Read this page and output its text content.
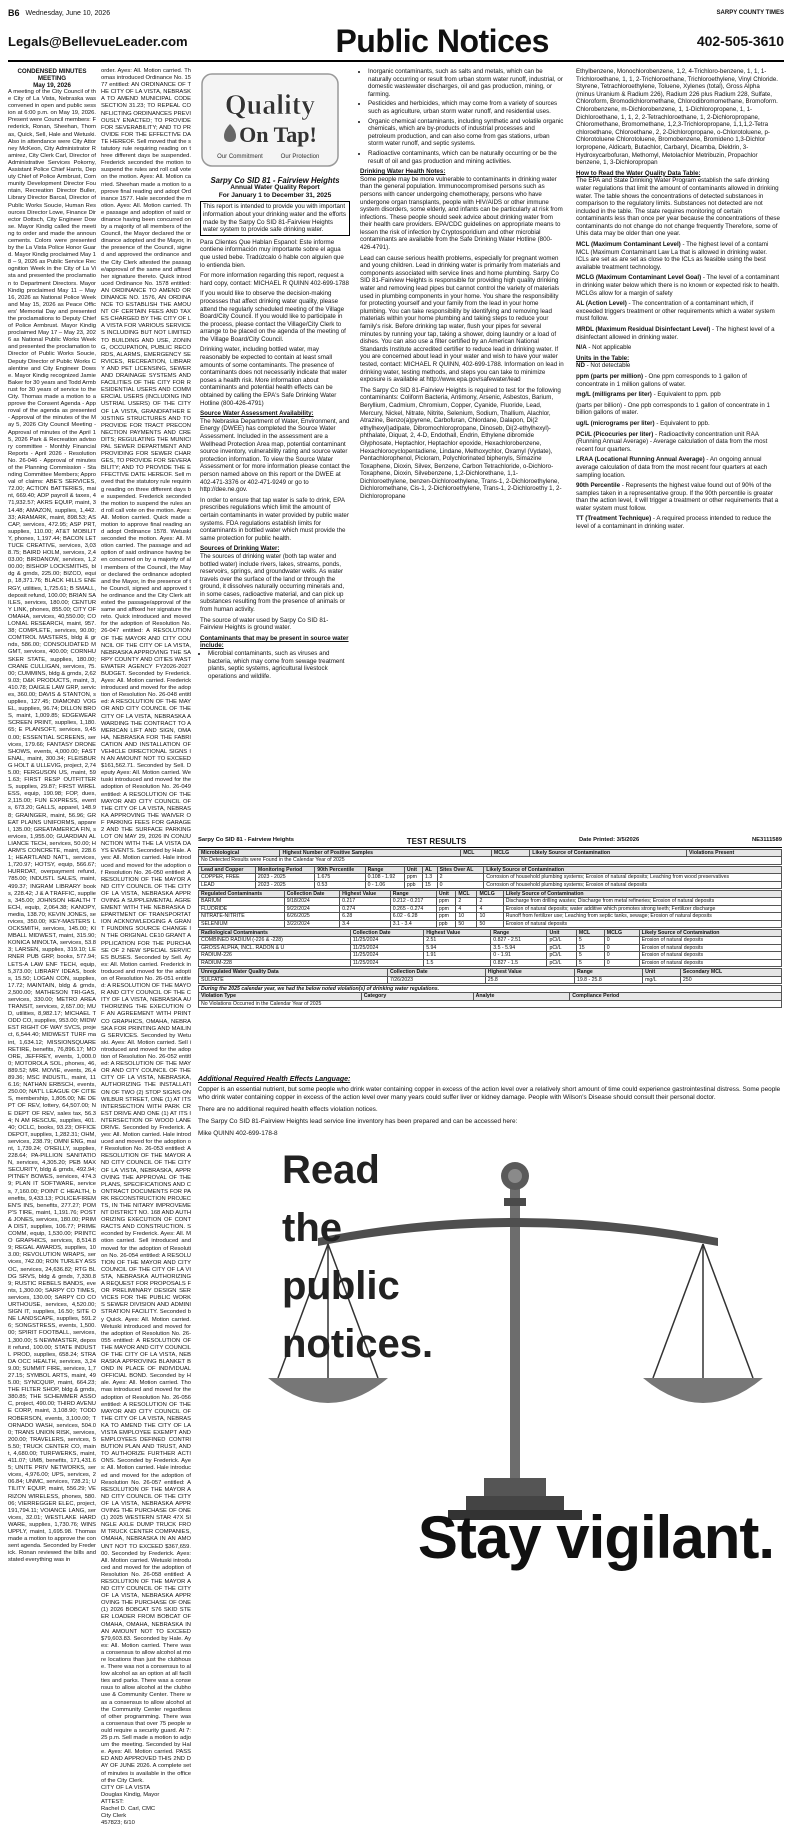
B6 Wednesday, June 10, 2026	SARPY COUNTY TIMES
Legals@BellevueLeader.com	Public Notices	402-505-3610
CONDENSED MINUTES MEETING
May 19, 2026
A meeting of the City Council of the City of La Vista, Nebraska was convened in open and public session at 6:00 p.m. on May 19, 2026. Present were Council members: Frederick, Ronan, Sheehan, Thomas, Quick, Sell, Hale and Wetuski. Also in attendance were City Attorney McKeon, City Administrator Ramirez, City Clerk Carl, Director of Administrative Services Pokorny, Assistant Police Chief Harris, Deputy Chief of Police Armbrust, Community Development Director Fountain, Recreation Director Buller, Library Director Barcal, Director of Public Works Soucie, Human Resources Director Lowe, Finance Director Dottsch, City Engineer Dowse. Mayor Kindig called the meeting to order and made the announcements. Colors were presented by the La Vista Police Honor Guard. Mayor Kindig proclaimed May 18 – 9, 2026 as Public Service Recognition Week in the City of La Vista and presented the proclamation to Department Directors. Mayor Kindig proclaimed May 11 – May 16, 2026 as National Police Week and May 15, 2026 as Peace Officers' Memorial Day and presented the proclamations to Deputy Chief of Police Armbrust. Mayor Kindig proclaimed May 17 – May 23, 2026 as National Public Works Week and presented the proclamation to Director of Public Works Soucie, Deputy Director of Public Works Calentine and City Engineer Dowse. Mayor Kindig recognized Jamie Baker for 30 years and Todd Armbrust for 30 years of service to the City. Thomas made a motion to approve the Consent Agenda - Approval of the agenda as presented - Approval of the minutes of the May 5, 2026 City Council Meeting - Approval of minutes of the April 15, 2026 Park & Recreation advisory committee - Monthly Financial Reports - April 2026 - Resolution No. 26-046 - Approval of minutes of the Planning Commission - Standing Committee Members; Approval of claims: ABE'S SERVICES, 72.00; ACTION BATTERIES, maint, 669.40; ADP payroll & taxes, 471,932.57; AKRS EQUIP, maint, 314.48; AMAZON, supplies, 1,442.33; ARAMARK, maint, 898.53; ASCAP, services, 472.95; ASP PRT, supplies, 110.00; AT&T MOBILITY, phones, 1,197.44; BACON LETTUCE CREATIVE, services, 3,038.75; BAIRD HOLM, services, 2,403.00; BIRDANOW, services, 1,200.00; BISHOP LOCKSMITHS, bldg & grnds, 225.00; BIZCO, equip, 18,371.76; BLACK HILLS ENERGY, utilities, 1,725.61; B SMALL, deposit refund, 100.00; BRIAN SAILES, services, 180.00; CENTURY LINK, phones, 855.00; CITY OF OMAHA, services, 40,550.00; COLONIAL RESEARCH, maint, 957.38; COMPLETE, services, 90.00; COMTROL MASTERS, bldg & grnds, 586.00; CONSOLIDATED MGMT, services, 400.00; CORNHUSKER STATE, supplies, 180.00; CRANE CULLIGAN, services, 75.00; CUMMINS, bldg & grnds, 2,629.03; D&K PRODUCTS, maint, 3,410.78; DAIGLE LAW GRP, services, 360.00; DAVIS & STANTON, supplies, 127.45; DIAMOND VOGEL, supplies, 96.74; DILLON BROS, maint, 1,009.85; EDGEWEAR SCREEN PRINT, supplies, 1,180.65; E PLANSOFT, services, 9,450.00; ESSENTIAL SCREENS, services, 179.66; FANTASY DRONE SHOWS, events, 4,000.00; FASTENAL, maint, 300.34; FLEISBURG HOLT & ULLEVIG, project, 2,745.00; FERGUSON US, maint, 591.63; FIRST RESP OUTFITTERS, supplies, 29.87; FIRST WIRELESS, equip, 190.98; FOP, dues, 2,115.00; FUN EXPRESS, events, 673.20; GALLS, apparel, 148.98; GRAINGER, maint, 56.96; GREAT PLAINS UNIFORMS, apparel, 135.00; GREATAMERICA FIN, services, 1,955.00; GUARDIAN ALLIANCE TECH, services, 50.00; HARM'S CONCRETE, maint, 228.61; HEARTLAND NAT'L, services, 1,720.97; HOTSY, equip, 566.67; HURRDAT, overpayment refund, 785.00; INDUSTL SALES, maint, 499.37; INGRAM LIBRARY books, 228.42; J & A TRAFFIC, supplies, 345.00; JOHNSON HEALTH TECH, equip, 2,064.38; KANOPY, media, 138.70; KEVIN JONES, services, 350.00; KEY-MASTERS LOCKSMITH, services, 145.00; KIMBALL MIDWEST, maint, 315.90; KONICA MINOLTA, services, 53.83; LARSEN, supplies, 319.10; LERNER PUB GRP, books, 577.94; LETS-A LAW ENF TECH, equip, 5,373.00; LIBRARY IDEAS, books, 15.50; LOGAN CON, supplies, 17.72; MAINTAIN, bldg & grnds, 2,500.00; MATHESON TRI-GAS, services, 330.00; METRO AREA TRANSIT, services, 2,657.00; MUD, utilities, 8,982.17; MICHAEL TODD CO, supplies, 953.00; MIDWEST RIGHT OF WAY SVCS, project, 6,544.40; MIDWEST TURF maint, 1,634.12; MISSIONSQUARE RETIRE, benefits, 76,896.17; MOORE, JEFFREY, events, 1,000.00; MOTOROLA SOL, phones, 46,889.52; MR. MOVIE, events, 26,489.36; MSC INDUSTL, maint, 116.16; NATHAN ERBSCH, events, 250.00; NAT'L LEAGUE OF CITIES, membership, 1,805.00; NE DEPT OF REV, lottery, 64,507.00; NE DEPT OF REV, sales tax, 56.34; N AM RESCUE, supplies, 401.40; OCLC, books, 93.23; OFFICE DEPOT, supplies, 1,282.31; OHM, services, 238.79; OMNI ENG, maint, 1,739.24; O'REILLY, supplies, 228.64; PA-PILLION SANITATION, services, 4,305.20; PEB MAX SECURITY, bldg & grnds, 492.94; PITNEY BOWES, services, 474.39; PLAN IT SOFTWARE, services, 7,160.00; POINT C HEALTH, benefits, 9,433.13; POLICE/FIREMEN'S INS, benefits, 277.27; POMP'S TIRE, maint, 1,191.76; POST & JONES, services, 180.00; PRIMA DIST, supplies, 106.77; PRIME COMM, equip, 1,530.00; PRINTCO GRAPHICS, services, 8,514.89; REGAL AWARDS, supplies, 103.00; REVOLUTION WRAPS, services, 742.00; RON TURLEY ASSOC, services, 24,636.82; RTG BLDG SRVS, bldg & grnds, 7,330.89; RUSTIC REBELS BANDS, events, 1,300.00; SARPY CO TIMES, services, 130.00; SARPY CO COURTHOUSE, services, 4,520.00; SIGN IT, supplies, 16.50; SITE ONE LANDSCAPE, supplies, 591.26; SONGSTRESS, events, 1,500.00; SPIRIT FOOTBALL, services, 1,300.00; S NEWMASTER, deposit refund, 100.00; STATE INDUSTL PROD, supplies, 658.24; STRADA OCC HEALTH, services, 3,249.00; SUMMIT FIRE, services, 1,727.15; SYMBOL ARTS, maint, 495.00; SYNCQUIP, maint, 664.23; THE FILTER SHOP, bldg & grnds, 380.85; THE SCHEMMER ASSOC, project, 490.00; THIRD AVENUE CORP, maint, 3,108.90; TODD ROBERSON, events, 3,100.00; TORNADO WASH, services, 504.00; TRANS UNION RISK, services, 200.00; TRAVELERS, services, 55.50; TRUCK CENTER CO, maint, 4,680.00; TURFWERKS, maint, 411.07; UMB, benefits, 171,431.65; UNITE PRIV NETWORKS, services, 4,976.00; UPS, services, 206.84; UNMC, services, 728.21; UTILITY EQUIP, maint, 556.29; VERIZON WIRELESS, phones, 580.06; VIERREGGER ELEC, project, 191,794.11; VOIANCE LANG, services, 32.01; WESTLAKE HARDWARE, supplies, 1,730.76; WINSUPPLY, maint, 1,695.98. Thomas made a motion to approve the consent agenda. Seconded by Frederick. Ronan reviewed the bills and stated everything was in
order. Ayes: All. Motion carried. Thomas introduced Ordinance No. 1577 entitled: AN ORDINANCE OF THE CITY OF LA VISTA, NEBRASKA TO AMEND MUNICIPAL CODE SECTION 31.23; TO REPEAL CONFLICTING ORDINANCES PREVIOUSLY ENACTED; TO PROVIDE FOR SEVERABILITY; AND TO PROVIDE FOR THE EFFECTIVE DATE HEREOF. Sell moved that the statutory rule requiring reading on three different days be suspended. Frederick seconded the motion to suspend the rules and roll call vote on the motion. Ayes: All. Motion carried. Sheehan made a motion to approve final reading and adopt Ordinance 1577. Hale seconded the motion. Ayes: All. Motion carried. The passage and adoption of said ordinance having been concurred on by a majority of all members of the Council, the Mayor declared the ordinance adopted and the Mayor, in the presence of the Council, signed and approved the ordinance and the City Clerk attested the passage/approval of the same and affixed her signature thereto. Quick introduced Ordinance No. 1578 entitled: AN ORDINANCE TO AMEND ORDINANCE NO. 1576, AN ORDINANCE TO ESTABLISH THE AMOUNT OF CERTAIN FEES AND TAXES CHARGED BY THE CITY OF LA VISTA FOR VARIOUS SERVICES INCLUDING BUT NOT LIMITED TO BUILDING AND USE, ZONING, OCCUPATION, PUBLIC RECORDS, ALARMS, EMERGENCY SERVICES, RECREATION, LIBRARY AND PET LICENSING, SEWER AND DRAINAGE SYSTEMS AND FACILITIES OF THE CITY FOR RESIDENTIAL USERS AND COMMERCIAL USERS (INCLUDING INDUSTRIAL USERS) OF THE CITY OF LA VISTA, GRANDFATHER EXISTING STRUCTURES AND TO PROVIDE FOR TRACT PRECONNECTION PAYMENTS AND CREDITS; REGULATING THE MUNICIPAL SEWER DEPARTMENT AND PROVIDING FOR SEWER CHARGES, TO PROVIDE FOR SEVERABILITY; AND TO PROVIDE THE EFFECTIVE DATE HEREOF. Sell moved that the statutory rule requiring reading on three different days be suspended. Frederick seconded the motion to suspend the rules and roll call vote on the motion. Ayes: All. Motion carried. Quick made a motion to approve final reading and adopt Ordinance 1578. Wetuski seconded the motion. Ayes: All. Motion carried. The passage and adoption of said ordinance having been concurred on by a majority of all members of the Council, the Mayor declared the ordinance adopted and the Mayor, in the presence of the Council, signed and approved the ordinance and the City Clerk attested the passage/approval of the same and affixed her signature thereto. Quick introduced and moved for the adoption of Resolution No. 26-047 entitled: A RESOLUTION OF THE MAYOR AND CITY COUNCIL OF THE CITY OF LA VISTA, NEBRASKA APPROVING THE SARPY COUNTY AND CITIES WASTEWATER AGENCY FY2026-2027 BUDGET. Seconded by Frederick. Ayes: All. Motion carried. Frederick introduced and moved for the adoption of Resolution No. 26-048 entitled: A RESOLUTION OF THE MAYOR AND CITY COUNCIL OF THE CITY OF LA VISTA, NEBRASKA AWARDING THE CONTRACT TO AMERICAN LIFT AND SIGN, OMAHA, NEBRASKA FOR THE FABRICATION AND INSTALLATION OF VEHICLE DIRECTIONAL SIGNS IN AN AMOUNT NOT TO EXCEED $161,562.71. Seconded by Sell. Deputy Ayes: All. Motion carried. Wetuski introduced and moved for the adoption of Resolution No. 26-049 entitled: A RESOLUTION OF THE MAYOR AND CITY COUNCIL OF THE CITY OF LA VISTA, NEBRASKA APPROVING THE WAIVER OF PARKING FEES FOR GARAGE 2 AND THE SURFACE PARKING LOT ON MAY 29, 2026 IN CONJUNCTION WITH THE LA VISTA DAYS EVENTS. Seconded by Hale. Ayes: All. Motion carried. Hale introduced and moved for the adoption of Resolution No. 26-050 entitled: A RESOLUTION OF THE MAYOR AND CITY COUNCIL OF THE CITY OF LA VISTA, NEBRASKA APPROVING A SUPPLEMENTAL AGREEMENT WITH THE NEBRASKA DEPARTMENT OF TRANSPORTATION ACKNOWLEDGING A GRANT FUNDING SOURCE CHANGE IN THE ORIGINAL CE10 GRANT APPLICATION FOR THE PURCHASE OF 2 NEW SPECIAL SERVICES BUSES. Seconded by Sell. Ayes: All. Motion carried. Frederick introduced and moved for the adoption of Resolution No. 26-051 entitled: A RESOLUTION OF THE MAYOR AND CITY COUNCIL OF THE CITY OF LA VISTA, NEBRASKA AUTHORIZING THE EXECUTION OF AN AGREEMENT WITH PRINTCO GRAPHICS, OMAHA, NEBRASKA FOR PRINTING AND MAILING SERVICES. Seconded by Wetuski. Ayes: All. Motion carried. Sell introduced and moved for the adoption of Resolution No. 26-052 entitled: A RESOLUTION OF THE MAYOR AND CITY COUNCIL OF THE CITY OF LA VISTA, NEBRASKA, AUTHORIZING THE INSTALLATION OF TWO (2) STOP SIGNS ON WILBUR STREET, ONE (1) AT ITS INTERSECTION WITH PARK CREST DRIVE AND ONE (1) AT ITS INTERSECTION OF WOOD LANE DRIVE. Seconded by Frederick. Ayes: All. Motion carried. Hale introduced and moved for the adoption of Resolution No. 26-053 entitled: A RESOLUTION OF THE MAYOR AND CITY COUNCIL OF THE CITY OF LA VISTA, NEBRASKA, APPROVING THE APPROVAL OF THE PLANS, SPECIFICATIONS AND CONTRACT DOCUMENTS FOR PARK RECONSTRUCTION PROJECTS, IN THE NITARY IMPROVEMENT DISTRICT NO. 168 AND AUTHORIZING EXECUTION OF CONTRACTS AND CONSTRUCTION. Seconded by Frederick. Ayes: All. Motion carried. Sell introduced and moved for the adoption of Resolution No. 26-054 entitled: A RESOLUTION OF THE MAYOR AND CITY COUNCIL OF THE CITY OF LA VISTA, NEBRASKA AUTHORIZING A REQUEST FOR PROPOSALS FOR PRELIMINARY DESIGN SERVICES FOR THE PUBLIC WORKS SEWER DIVISION AND ADMINISTRATION FACILITY. Seconded by Quick. Ayes: All. Motion carried. Wetuski introduced and moved for the adoption of Resolution No. 26-055 entitled: A RESOLUTION OF THE MAYOR AND CITY COUNCIL OF THE CITY OF LA VISTA, NEBRASKA APPROVING BLANKET BOND IN PLACE OF INDIVIDUAL OFFICIAL BOND. Seconded by Hale. Ayes: All. Motion carried. Thomas introduced and moved for the adoption of Resolution No. 26-056 entitled: A RESOLUTION OF THE MAYOR AND CITY COUNCIL OF THE CITY OF LA VISTA, NEBRASKA TO AMEND THE CITY OF LA VISTA EMPLOYEE EXEMPT AND EMPLOYEES DEFINED CONTRIBUTION PLAN AND TRUST, AND TO AUTHORIZE FURTHER ACTIONS. Seconded by Frederick. Ayes: All. Motion carried. Hale introduced and moved for the adoption of Resolution No. 26-057 entitled: A RESOLUTION OF THE MAYOR AND CITY COUNCIL OF THE CITY OF LA VISTA, NEBRASKA APPROVING THE PURCHASE OF ONE (1) 2025 WESTERN STAR 47X SINGLE AXLE DUMP TRUCK FROM TRUCK CENTER COMPANIES, OMAHA, NEBRASKA IN AN AMOUNT NOT TO EXCEED $367,659.00. Seconded by Frederick. Ayes: All. Motion carried. Wetuski introduced and moved for the adoption of Resolution No. 26-058 entitled: A RESOLUTION OF THE MAYOR AND CITY COUNCIL OF THE CITY OF LA VISTA, NEBRASKA APPROVING THE PURCHASE OF ONE (1) 2026 BOBCAT S76 SKID STEER LOADER FROM BOBCAT OF OMAHA, OMAHA, NEBRASKA IN AN AMOUNT NOT TO EXCEED $79,603.83. Seconded by Hale. Ayes: All. Motion carried. There was a consensus to allow alcohol at more locations than just the clubhouse. There was not a consensus to allow alcohol as an option at all facilities and parks. There was a consensus to allow alcohol at the clubhouse & Community Center. There was a consensus to allow alcohol at the Community Center regardless of other programming. There was a consensus that over 75 people would require a security guard. At 7:25 p.m. Sell made a motion to adjourn the meeting. Seconded by Hale. Ayes: All. Motion carried. PASSED AND APPROVED THIS 2ND DAY OF JUNE 2026. A complete set of minutes is available in the office of the City Clerk.
CITY OF LA VISTA
Douglas Kindig, Mayor
ATTEST:
Rachel D. Carl, CMC
City Clerk
457823; 6/10
Quality
On Tap!
Our Commitment	Our Protection
Sarpy Co SID 81 - Fairview Heights
Annual Water Quality Report
For January 1 to December 31, 2025

This report is intended to provide you with important information about your drinking water and the efforts made by the Sarpy Co SID 81-Fairview Heights water system to provide safe drinking water.

Para Clientes Que Hablan Espanol: Este informe contiene información muy importante sobre el agua que usted bebe. Tradúzcalo ó hable con alguien que lo entienda bien.

For more information regarding this report, request a hard copy, contact: MICHAEL R QUINN 402-699-1788

If you would like to observe the decision-making processes that affect drinking water quality, please attend the regularly scheduled meeting of the Village Board/City Council. If you would like to participate in the process, please contact the Village/City Clerk to arrange to be placed on the agenda of the meeting of the Village Board/City Council.

Drinking water, including bottled water, may reasonably be expected to contain at least small amounts of some contaminants. The presence of contaminants does not necessarily indicate that water poses a health risk. More information about contaminants and potential health effects can be obtained by calling the EPA's Safe Drinking Water Hotline (800-426-4791)

Source Water Assessment Availability:

The Nebraska Department of Water, Environment, and Energy (DWEE) has completed the Source Water Assessment. Included in the assessment are a Wellhead Protection Area map, potential contaminant source inventory, vulnerability rating and source water protection information. To view the Source Water Assessment or for more information please contact the person named above on this report or the DWEE at 402-471-3376 or 402-471-9249 or go to http://dee.ne.gov.

In order to ensure that tap water is safe to drink, EPA prescribes regulations which limit the amount of certain contaminants in water provided by public water systems. FDA regulations establish limits for contaminants in bottled water which must provide the same protection for public health.

Sources of Drinking Water:

The sources of drinking water (both tap water and bottled water) include rivers, lakes, streams, ponds, reservoirs, springs, and groundwater wells. As water travels over the surface of the land or through the ground, it dissolves naturally occurring minerals and, in some cases, radioactive material, and can pick up substances resulting from the presence of animals or from human activity.

The source of water used by Sarpy Co SID 81-Fairview Heights is ground water.

Contaminants that may be present in source water include:
• Microbial contaminants, such as viruses and bacteria, which may come from sewage treatment plants, septic systems, agricultural livestock operations and wildlife.
• Inorganic contaminants, such as salts and metals, which can be naturally occurring or result from urban storm water runoff, industrial, or domestic wastewater discharges, oil and gas production, mining, or farming.
• Pesticides and herbicides, which may come from a variety of sources such as agriculture, urban storm water runoff, and residential uses.
• Organic chemical contaminants, including synthetic and volatile organic chemicals, which are by-products of industrial processes and petroleum production, and can also come from gas stations, urban storm water runoff, and septic systems.
• Radioactive contaminants, which can be naturally occurring or be the result of oil and gas production and mining activities.
Drinking Water Health Notes:

Some people may be more vulnerable to contaminants in drinking water than the general population. Immunocompromised persons such as persons with cancer undergoing chemotherapy, persons who have undergone organ transplants, people with HIV/AIDS or other immune system disorders, some elderly, and infants can be particularly at risk from infections. These people should seek advice about drinking water from their health care providers. EPA/CDC guidelines on appropriate means to lessen the risk of infection by Cryptosporidium and other microbial contaminants are available from the Safe Drinking Water Hotline (800-426-4791).

Lead can cause serious health problems, especially for pregnant women and young children. Lead in drinking water is primarily from materials and components associated with service lines and home plumbing. Sarpy Co SID 81-Fairview Heights is responsible for providing high quality drinking water and removing lead pipes but cannot control the variety of materials used in plumbing components in your home. You share the responsibility for protecting yourself and your family from the lead in your home plumbing. You can take responsibility by identifying and removing lead materials within your home plumbing and taking steps to reduce your family's risk. Before drinking tap water, flush your pipes for several minutes by running your tap, taking a shower, doing laundry or a load of dishes. You can also use a filter certified by an American National Standards Institute accredited certifier to reduce lead in drinking water. If you are concerned about lead in your water and wish to have your water tested, contact: MICHAEL R QUINN, 402-699-1788. Information on lead in drinking water, testing methods, and steps you can take to minimize exposure is available at http://www.epa.gov/safewater/lead

The Sarpy Co SID 81-Fairview Heights is required to test for the following contaminants: Coliform Bacteria, Antimony, Arsenic, Asbestos, Barium, Beryllium, Cadmium, Chromium, Copper, Cyanide, Fluoride, Lead, Mercury, Nickel, Nitrate, Nitrite, Selenium, Sodium, Thallium, Alachlor, Atrazine, Benzo(a)pyrene, Carbofuran, Chlordane, Dalapon, Di(2 ethylhexyl)adipate, Dibromochloropropane, Dinoseb, Di(2-ethylhexyl)-phthalate, Diquat, 2, 4-D, Endothall, Endrin, Ethylene dibromide Glyphosate, Heptachlor, Heptachlor epoxide, Hexachlorobenzene, Hexachlorocyclopentadiene, Lindane, Methoxychlor, Oxamyl (Vydate), Pentachlorophenol, Picloram, Polychlorinated biphenyls, Simazine Toxaphene, Dioxin, Silvex, Benzene, Carbon Tetrachloride, o-Dichloro-Toxaphene, Dioxin, Silvebenzene, 1,2-Dichlorethane, 1,1-Dichloroethylene, benzen-Dichloroethylene, Trans-1, 2-Dichloroethylene, Dichloromethane, Cis-1, 2-Dichloroethylene, Trans-1, 2-Dichloroethy 1, 2-Dichloropropane

Ethylbenzene, Monochlorobenzene, 1,2, 4-Trichloro-benzene, 1, 1, 1-Trichloroethane, 1, 1, 2-Trichloroethane, Trichloroethylene, Vinyl Chloride. Styrene, Tetrachloroethylene, Toluene, Xylenes (total), Gross Alpha (minus Uranium & Radium 226), Radium 226 plus Radium 228, Sulfate, Chloroform, Bromodichloromethane, Chlorodibromomethane, Bromoform. Chlorobenzene, m-Dichlorobenzene, 1, 1-Dichloropropene, 1, 1-Dichloroethane, 1, 1, 2, 2-Tetrachloroethane, 1, 2-Dichloropropane, Chloromethane, Bromomethane, 1,2,3-Trichloropropane, 1,1,1,2-Tetra chloroethane, Chloroethane, 2, 2-Dichloropropane, o-Chlorotoluene, p-Chlorotoluene Chlorotoluene, Bromobenzene, Bromideno 1,3-Dichlor lorpropene, Aldicarb, Butachlor, Carbaryl, Dicamba, Dieldrin, 3-Hydroxycarbofuran, Methomyl, Metolachlor Metribuzin, Propachlor benzene, 1, 3-Dichloropropan

How to Read the Water Quality Data Table:

The EPA and State Drinking Water Program establish the safe drinking water regulations that limit the amount of contaminants allowed in drinking water. The table shows the concentrations of detected substances in comparison to the regulatory limits. Substances not detected are not included in the table. The state requires monitoring of certain contaminants less than once per year because the concentrations of these contaminants do not change do not change frequently Therefore, some of Uhis data may be older than one year.

MCL (Maximum Contaminant Level) - The highest level of a contami MCL (Maximum Contaminant Law La that is allowed in drinking water. ICLs are set as are set as close to the ICLs as feasible using the best available treatment technology.

MCLG (Maximum Contaminant Level Goal) - The level of a contaminant in drinking water below which there is no known or expected risk to health. MCLGs allow for a margin of safety

AL (Action Level) - The concentration of a contaminant which, if exceeded triggers treatment or other requirements which a water system must follow.

MRDL (Maximum Residual Disinfectant Level) - The highest level of a disinfectant allowed in drinking water.

N/A - Not applicable

Units in the Table:

ND - Not detectable

ppm (parts per million) - One ppm corresponds to 1 gallon of concentrate in 1 million gallons of water.

mg/L (milligrams per liter) - Equivalent to ppm. ppb

(parts per billion) - One ppb corresponds to 1 gallon of concentrate in 1 billion gallons of water.

ug/L (micrograms per liter) - Equivalent to ppb.

PCi/L (Picocuries per liter) - Radioactivity concentration unit RAA (Running Annual Average) - Average calculation of data from the most recent four quarters.

LRAA (Locational Running Annual Average) - An ongoing annual average calculation of data from the most recent four quarters at each sampling location.

90th Percentile - Represents the highest value found out of 90% of the samples taken in a representative group. If the 90th percentile is greater than the action level, it will trigger a treatment or other requirements that a water system must follow.

TT (Treatment Technique) - A required process intended to reduce the level of a contaminant in drinking water.

Sarpy Co SID 81 - Fairview Heights	TEST RESULTS	Date Printed: 3/5/2026	NE3111589
Microbiological	Highest Number of Positive Samples	MCL	MCLG	Likely Source of Contamination	Violations Present
No Detected Results were Found in the Calendar Year of 2025
Lead and Copper	Monitoring Period	90th Percentile	Range	Unit	AL	Sites Over AL	Likely Source of Contamination
COPPER, FREE	2023 - 2025	1.675	0.108 - 1.92	ppm	1.3	2	Corrosion of household plumbing systems; Erosion of natural deposits; Leaching from wood preservatives
LEAD	2023 - 2025	0.53	0 - 1.06	ppb	15	0	Corrosion of household plumbing systems; Erosion of natural deposits
Regulated Contaminants	Collection Date	Highest Value	Range	Unit	MCL	MCLG	Likely Source of Contamination
BARIUM	9/18/2024	0.217	0.212 - 0.217	ppm	2	2	Discharge from drilling wastes; Discharge from metal refineries; Erosion of natural deposits
FLUORIDE	9/22/2024	0.274	0.265 - 0.274	ppm	4	4	Erosion of natural deposits; water additive which promotes strong teeth; Fertilizer discharge
NITRATE-NITRITE	6/26/2025	6.28	6.02 - 6.28	ppm	10	10	Runoff from fertilizer use; Leaching from septic tanks, sewage; Erosion of natural deposits
SELENIUM	3/22/2024	3.4	3.1 - 3.4	ppb	50	50	Erosion of natural deposits
Radiological Contaminants	Collection Date	Highest Value	Range	Unit	MCL	MCLG	Likely Source of Contamination
COMBINED RADIUM (-226 & -228)	11/25/2024	2.51	0.827 - 2.51	pCi/L	5	0	Erosion of natural deposits
GROSS ALPHA, INCL. RADON & U	11/25/2024	5.94	3.5 - 5.94	pCi/L	15	0	Erosion of natural deposits
RADIUM-226	11/25/2024	1.91	0 - 1.91	pCi/L	5	0	Erosion of natural deposits
RADIUM-228	11/25/2024	1.5	0.827 - 1.5	pCi/L	5	0	Erosion of natural deposits
Unregulated Water Quality Data	Collection Date	Highest Value	Range	Unit	Secondary MCL
SULFATE	7/26/2023	25.8	19.8 - 25.8	mg/L	250
During the 2025 calendar year, we had the below noted violation(s) of drinking water regulations.
Violation Type	Category	Analyte	Compliance Period
No Violations Occurred in the Calendar Year of 2025
Additional Required Health Effects Language:

Copper is an essential nutrient, but some people who drink water containing copper in excess of the action level over a relatively short amount of time could experience gastrointestinal distress. Some people who drink water containing copper in excess of the action level over many years could suffer liver or kidney damage. People with Wilson's Disease should consult their personal doctor.

There are no additional required health effects violation notices.

The Sarpy Co SID 81-Fairview Heights lead service line inventory has been prepared and can be accessed here:

Mike QUINN 402-699-178-8

Read
the
public
notices.
Stay vigilant.
